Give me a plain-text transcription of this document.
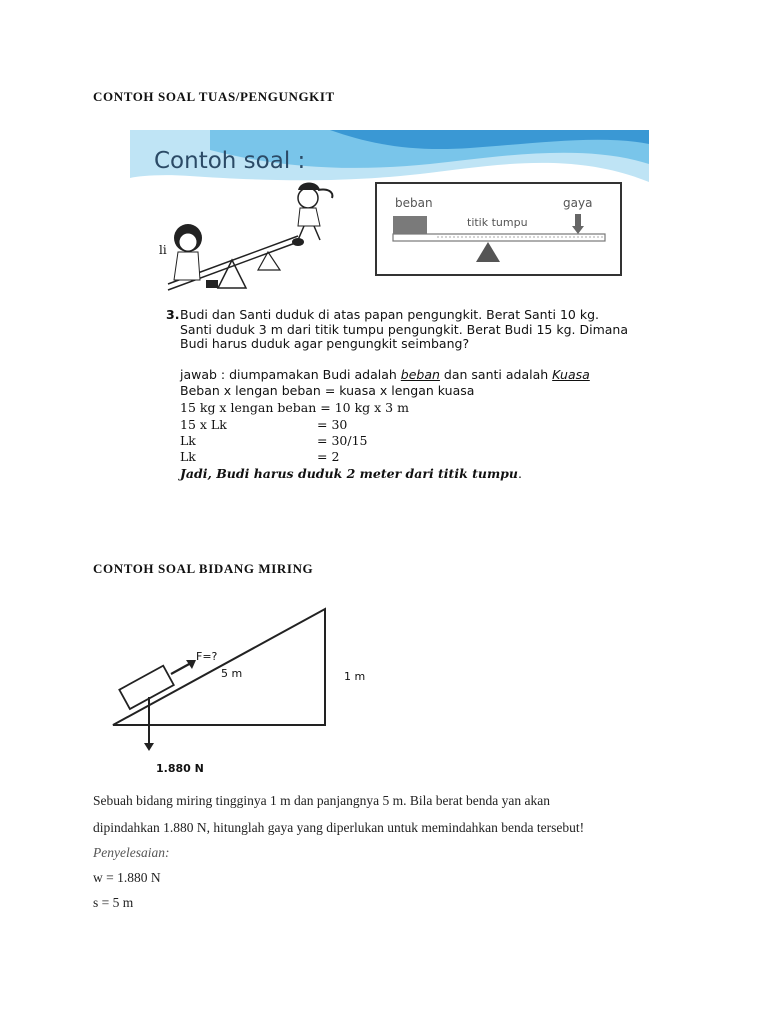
CONTOH SOAL TUAS/PENGUNGKIT
Contoh soal :
li
beban	gaya
titik tumpu
3. Budi dan Santi duduk di atas papan pengungkit. Berat Santi 10 kg.
Santi duduk 3 m dari titik tumpu pengungkit. Berat Budi 15 kg. Dimana
Budi harus duduk agar pengungkit seimbang?
jawab : diumpamakan Budi adalah beban dan santi adalah Kuasa
Beban x lengan beban = kuasa x lengan kuasa
15 kg x lengan beban = 10 kg x 3 m
15 x Lk	= 30
Lk	= 30/15
Lk	= 2
Jadi, Budi harus duduk 2 meter dari titik tumpu.
CONTOH SOAL BIDANG MIRING
F=?
5 m	1 m
1.880 N
Sebuah bidang miring tingginya 1 m dan panjangnya 5 m. Bila berat benda yan akan
dipindahkan 1.880 N, hitunglah gaya yang diperlukan untuk memindahkan benda tersebut!
Penyelesaian:
w = 1.880 N
s = 5 m
